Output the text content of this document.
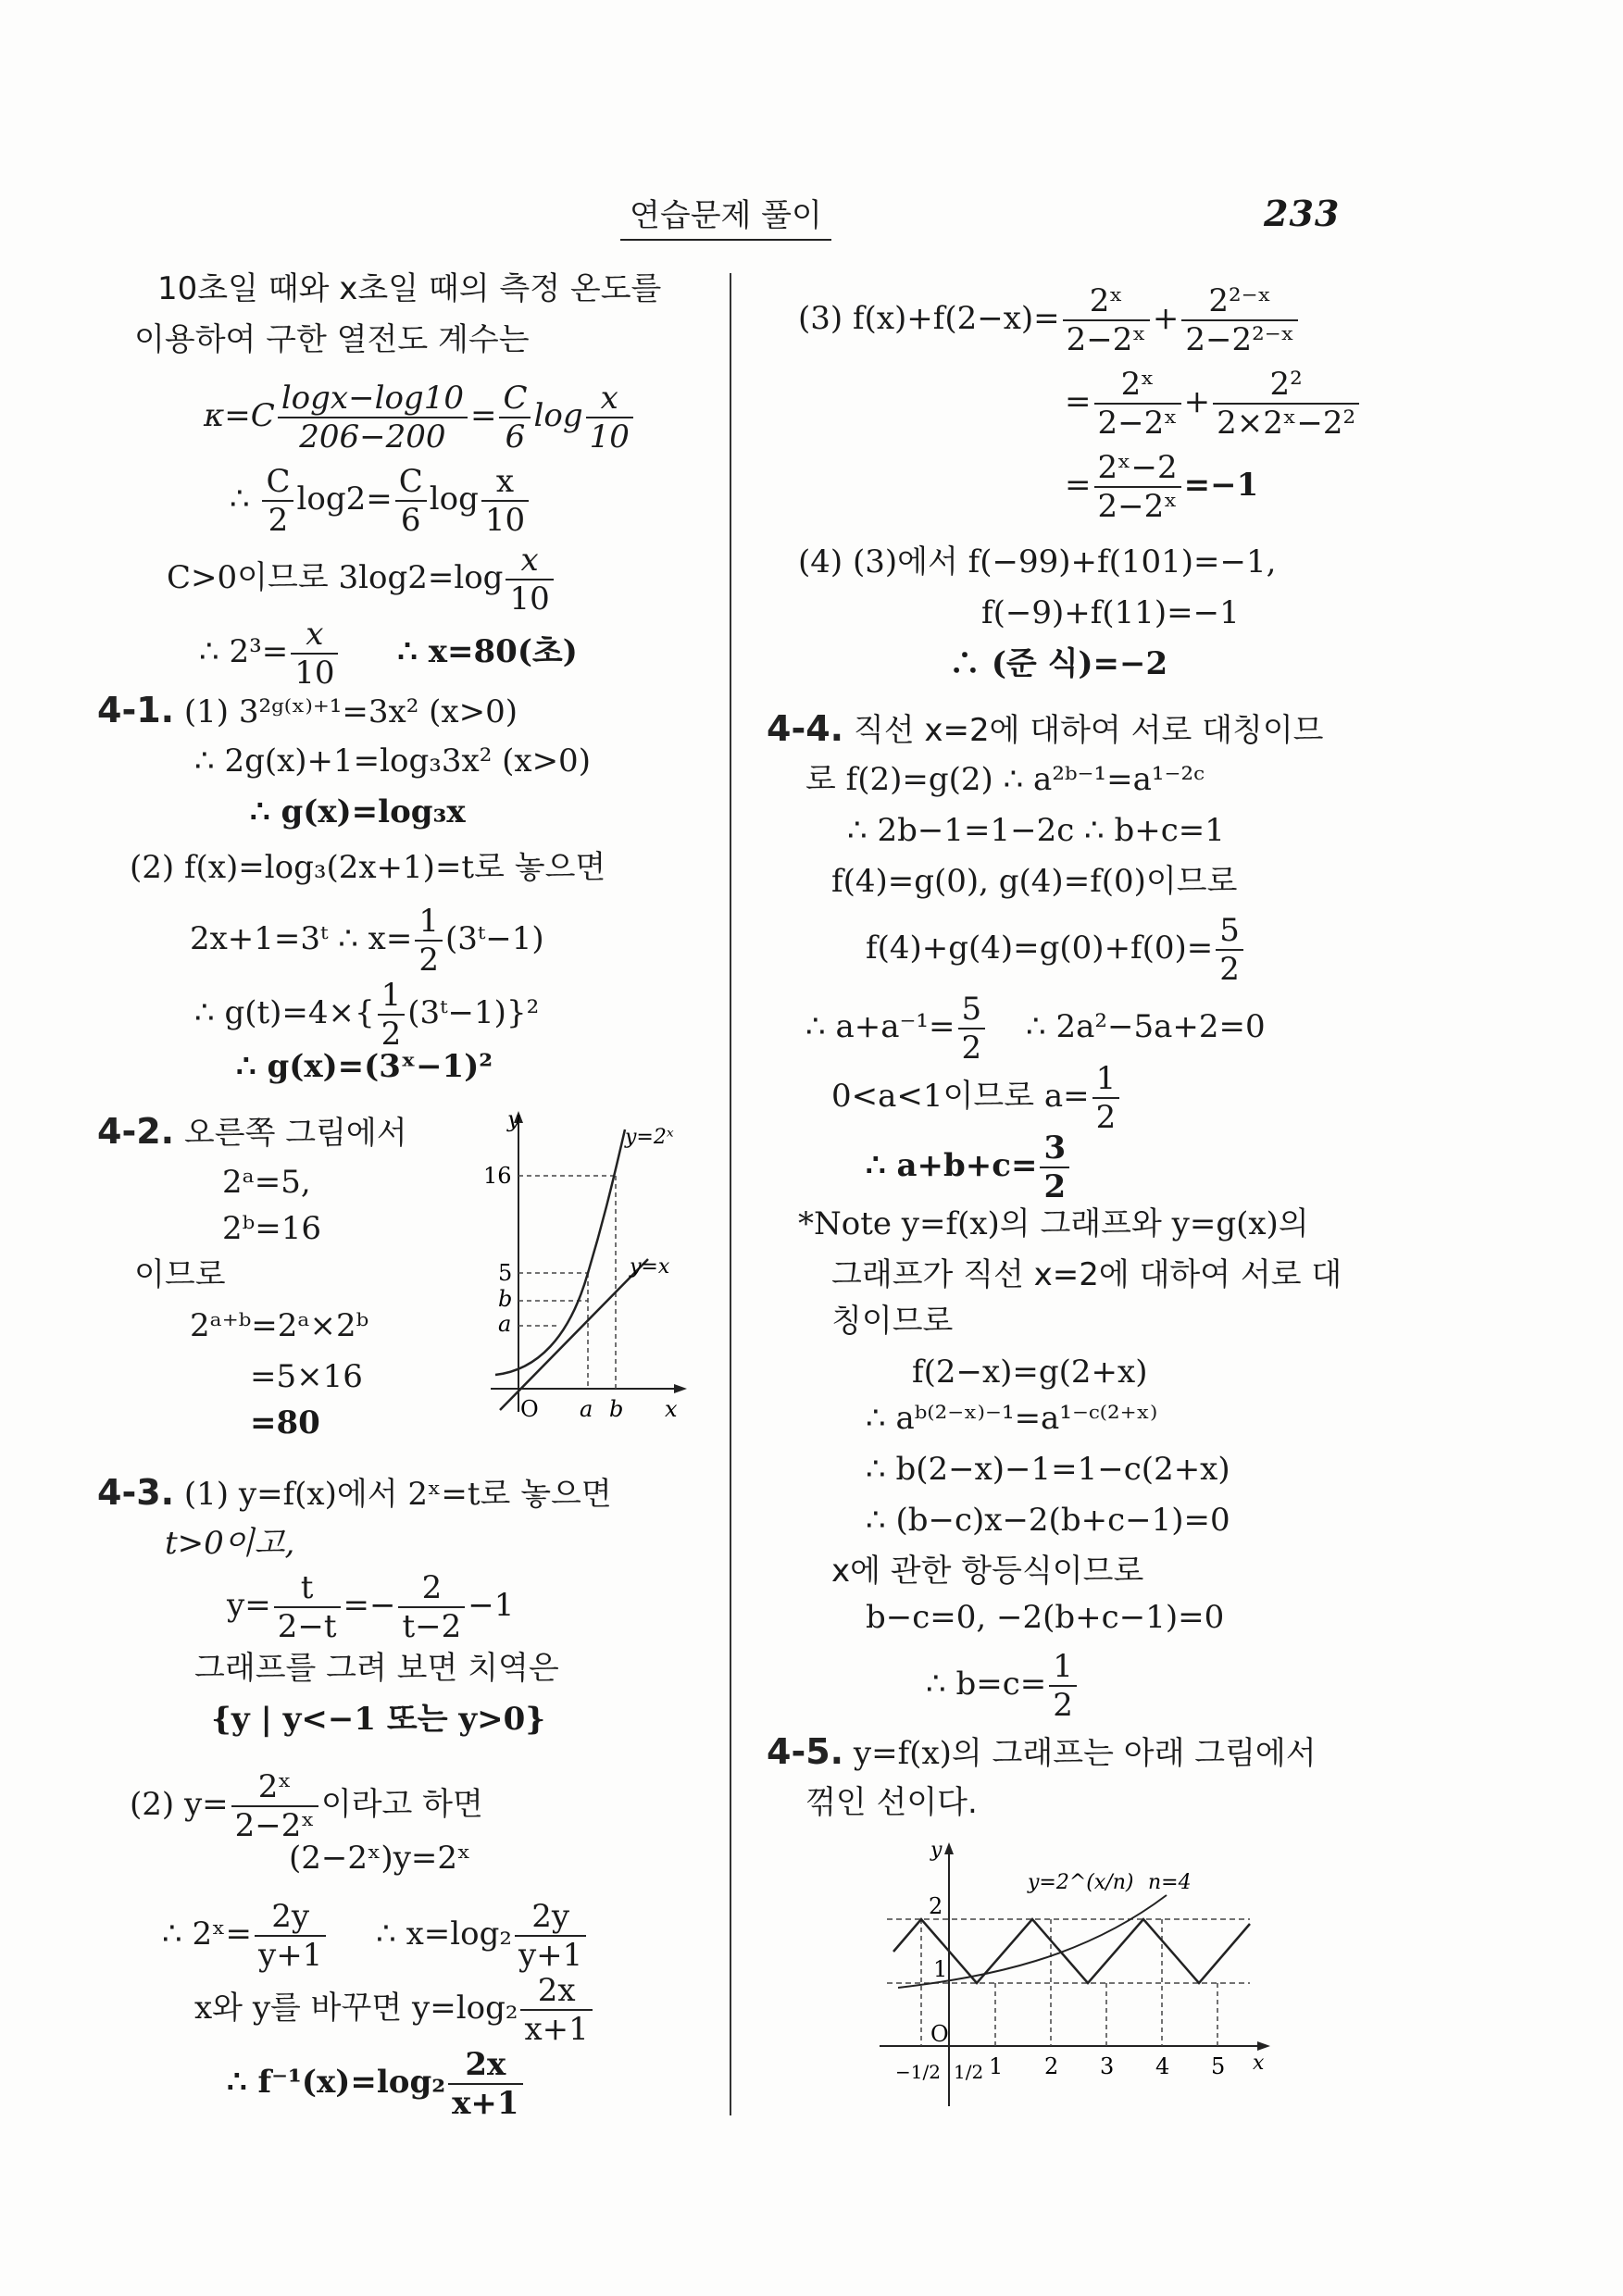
연습문제 풀이	233
10초일 때와 x초일 때의 측정 온도를
이용하여 구한 열전도 계수는
$\kappa=C \frac{\log x-\log 10}{206-200} = \frac{C}{6}$ $\log \frac{x}{10}$
∴ $\frac{C}{2} \log 2= \frac{C}{6}$ $\log \frac{x}{10}$
C>0이므로 $3\log 2=\log \frac{x}{10}$
∴ $2^3= \frac{x}{10}$ ∴ x=80(초)
4-1. (1) 3²ᵍ⁽ˣ⁾⁺¹=3x² (x>0)
∴ 2g(x)+1=log₃3x² (x>0)
∴ g(x)=log₃x
(2) f(x)=log₃(2x+1)=t로 놓으면
2x+1=3ᵗ ∴ $x= \frac{1}{2}$ (3ᵗ−1)
∴ $g(t)=4\times\{ \frac{1}{2}$ (3ᵗ−1)}²
∴ g(x)=(3ˣ−1)²
4-2. 오른쪽 그림에서
2ᵃ=5,
2ᵇ=16
이므로
2ᵃ⁺ᵇ=2ᵃ×2ᵇ
=5×16
=80
y
x
O
16
5
b
a
a b
y=2ˣ
y=x
4-3. (1) y=f(x)에서 2ˣ=t로 놓으면
t>0이고,
$y= \frac{t}{2-t} =- \frac{2}{t-2} -1$
그래프를 그려 보면 치역은
{y | y<−1 또는 y>0}
(2) $y= \frac{\text{2ˣ}}{\text{2−2ˣ}}$ 이라고 하면
(2−2ˣ)y=2ˣ
∴ 2ˣ= $\frac{2y}{y+1}$ ∴ $x=\log_2 \frac{2y}{y+1}$
x와 y를 바꾸면 $y=\log_2 \frac{2x}{x+1}$
∴ $f^{-1}(x)=\log_2 \frac{2x}{x+1}$
(3) $f(x)+f(2-x)= \frac{\text{2ˣ}}{\text{2−2ˣ}} + \frac{\text{2²⁻ˣ}}{\text{2−2²⁻ˣ}}$
= $\frac{\text{2ˣ}}{\text{2−2ˣ}} + \frac{\text{2²}}{\text{2×2ˣ−2²}}$
= $\frac{\text{2ˣ−2}}{\text{2−2ˣ}} =-1$
(4) (3)에서 f(−99)+f(101)=−1,
f(−9)+f(11)=−1
∴ (준 식)=−2
4-4. 직선 x=2에 대하여 서로 대칭이므
로 f(2)=g(2) ∴ a²ᵇ⁻¹=a¹⁻²ᶜ
∴ 2b−1=1−2c ∴ b+c=1
f(4)=g(0), g(4)=f(0)이므로
$f(4)+g(4)=g(0)+f(0)= \frac{5}{2}$
∴ $a+a^{-1}= \frac{5}{2}$ ∴ 2a²−5a+2=0
0<a<1이므로 $a= \frac{1}{2}$
∴ $a+b+c= \frac{3}{2}$
*Note y=f(x)의 그래프와 y=g(x)의
그래프가 직선 x=2에 대하여 서로 대
칭이므로
f(2−x)=g(2+x)
∴ aᵇ⁽²⁻ˣ⁾⁻¹=a¹⁻ᶜ⁽²⁺ˣ⁾
∴ b(2−x)−1=1−c(2+x)
∴ (b−c)x−2(b+c−1)=0
x에 관한 항등식이므로
b−c=0, −2(b+c−1)=0
∴ $b=c= \frac{1}{2}$
4-5. y=f(x)의 그래프는 아래 그림에서
꺾인 선이다.
y
x
O
2
1
y=2^(x/n) n=4
−1/2 1/2 1 2 3 4 5
